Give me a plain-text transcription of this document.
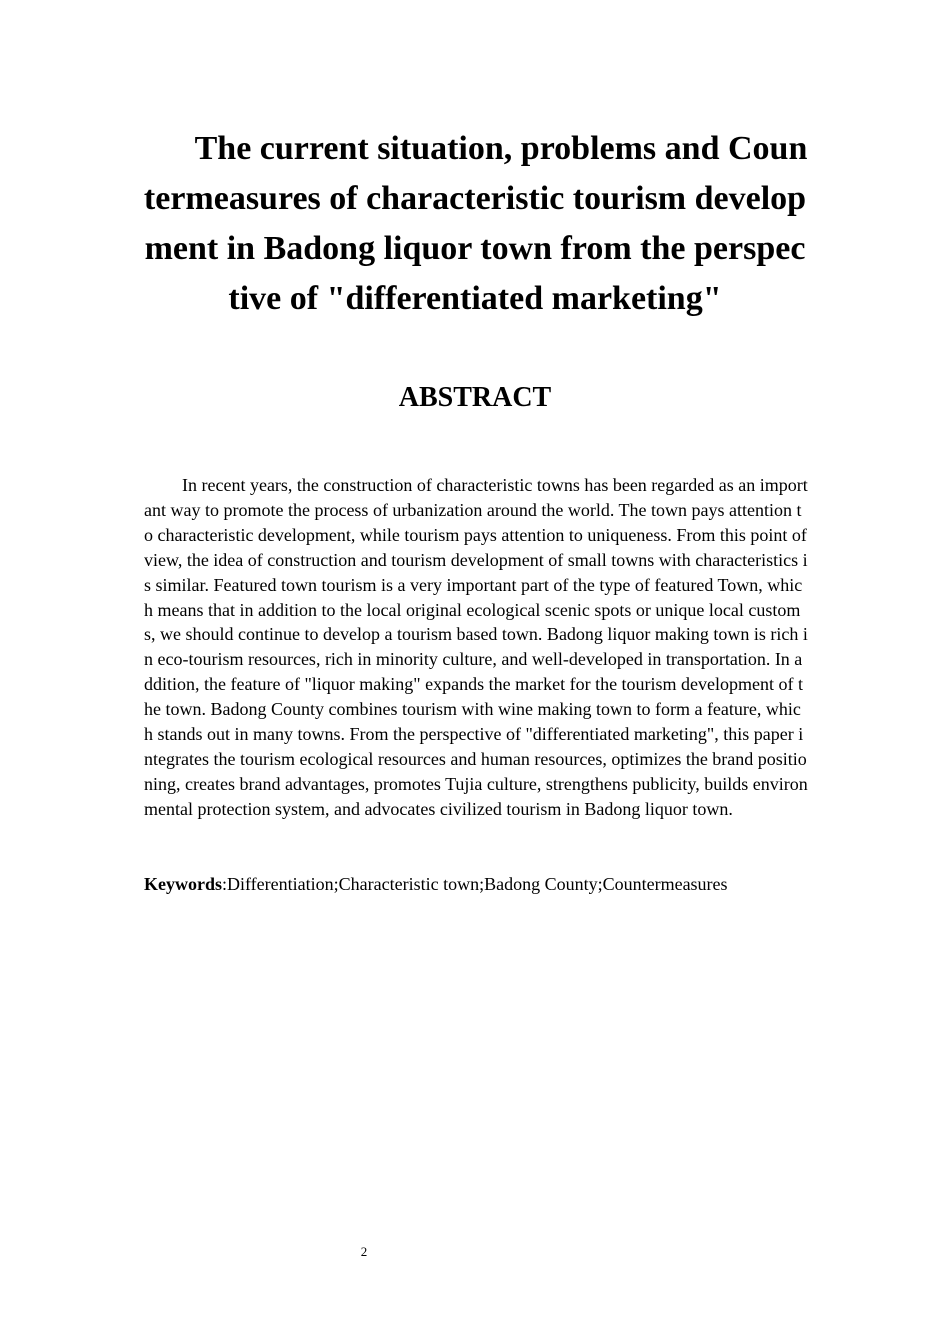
The current situation, problems and Countermeasures of characteristic tourism development in Badong liquor town from the perspective of "differentiated marketing"
ABSTRACT

In recent years, the construction of characteristic towns has been regarded as an important way to promote the process of urbanization around the world. The town pays attention to characteristic development, while tourism pays attention to uniqueness. From this point of view, the idea of construction and tourism development of small towns with characteristics is similar. Featured town tourism is a very important part of the type of featured Town, which means that in addition to the local original ecological scenic spots or unique local customs, we should continue to develop a tourism based town. Badong liquor making town is rich in eco-tourism resources, rich in minority culture, and well-developed in transportation. In addition, the feature of "liquor making" expands the market for the tourism development of the town. Badong County combines tourism with wine making town to form a feature, which stands out in many towns. From the perspective of "differentiated marketing", this paper integrates the tourism ecological resources and human resources, optimizes the brand positioning, creates brand advantages, promotes Tujia culture, strengthens publicity, builds environmental protection system, and advocates civilized tourism in Badong liquor town.

Keywords:Differentiation;Characteristic town;Badong County;Countermeasures

2
